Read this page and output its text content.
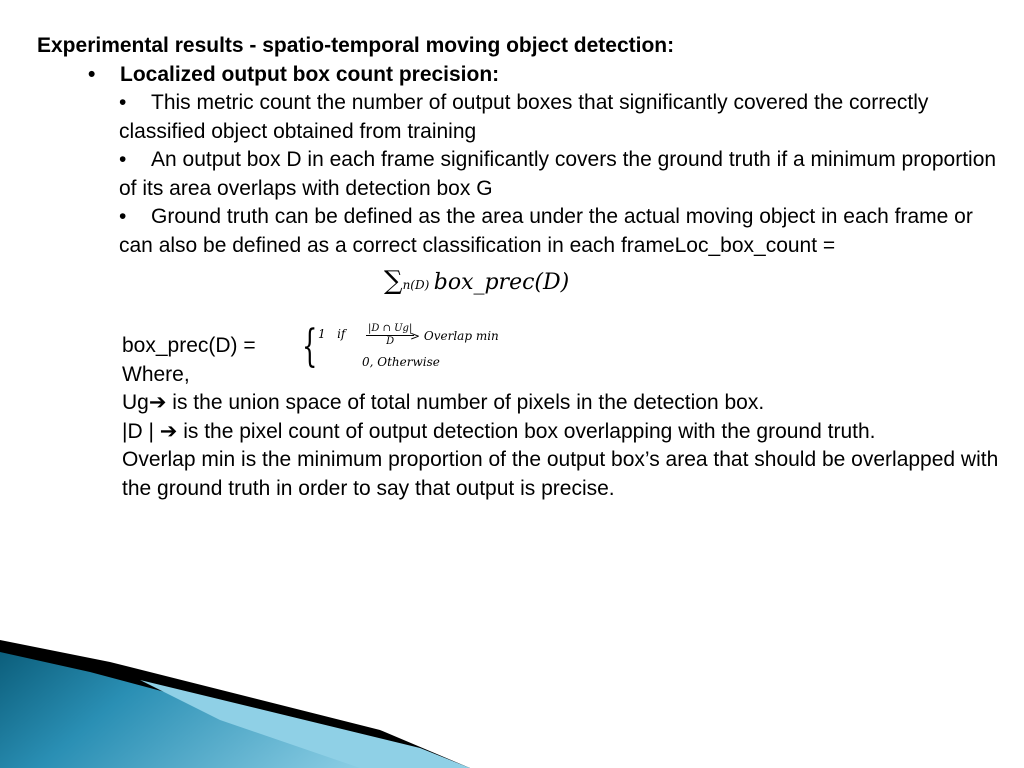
Experimental results - spatio-temporal moving object detection:
• Localized output box count precision:
• This metric count the number of output boxes that significantly covered the correctly classified object obtained from training
• An output box D in each frame significantly covers the ground truth if a minimum proportion of its area overlaps with detection box G
• Ground truth can be defined as the area under the actual moving object in each frame or can also be defined as a correct classification in each frameLoc_box_count =
∑n(D) box_prec(D)
box_prec(D) =
Where,
Ug➔ is the union space of total number of pixels in the detection box.
|D | ➔ is the pixel count of output detection box overlapping with the ground truth.
Overlap min is the minimum proportion of the output box’s area that should be overlapped with the ground truth in order to say that output is precise.
{ 1 if $\frac{|D \cap Ug|}{D}$
> Overlap min
0, Otherwise
